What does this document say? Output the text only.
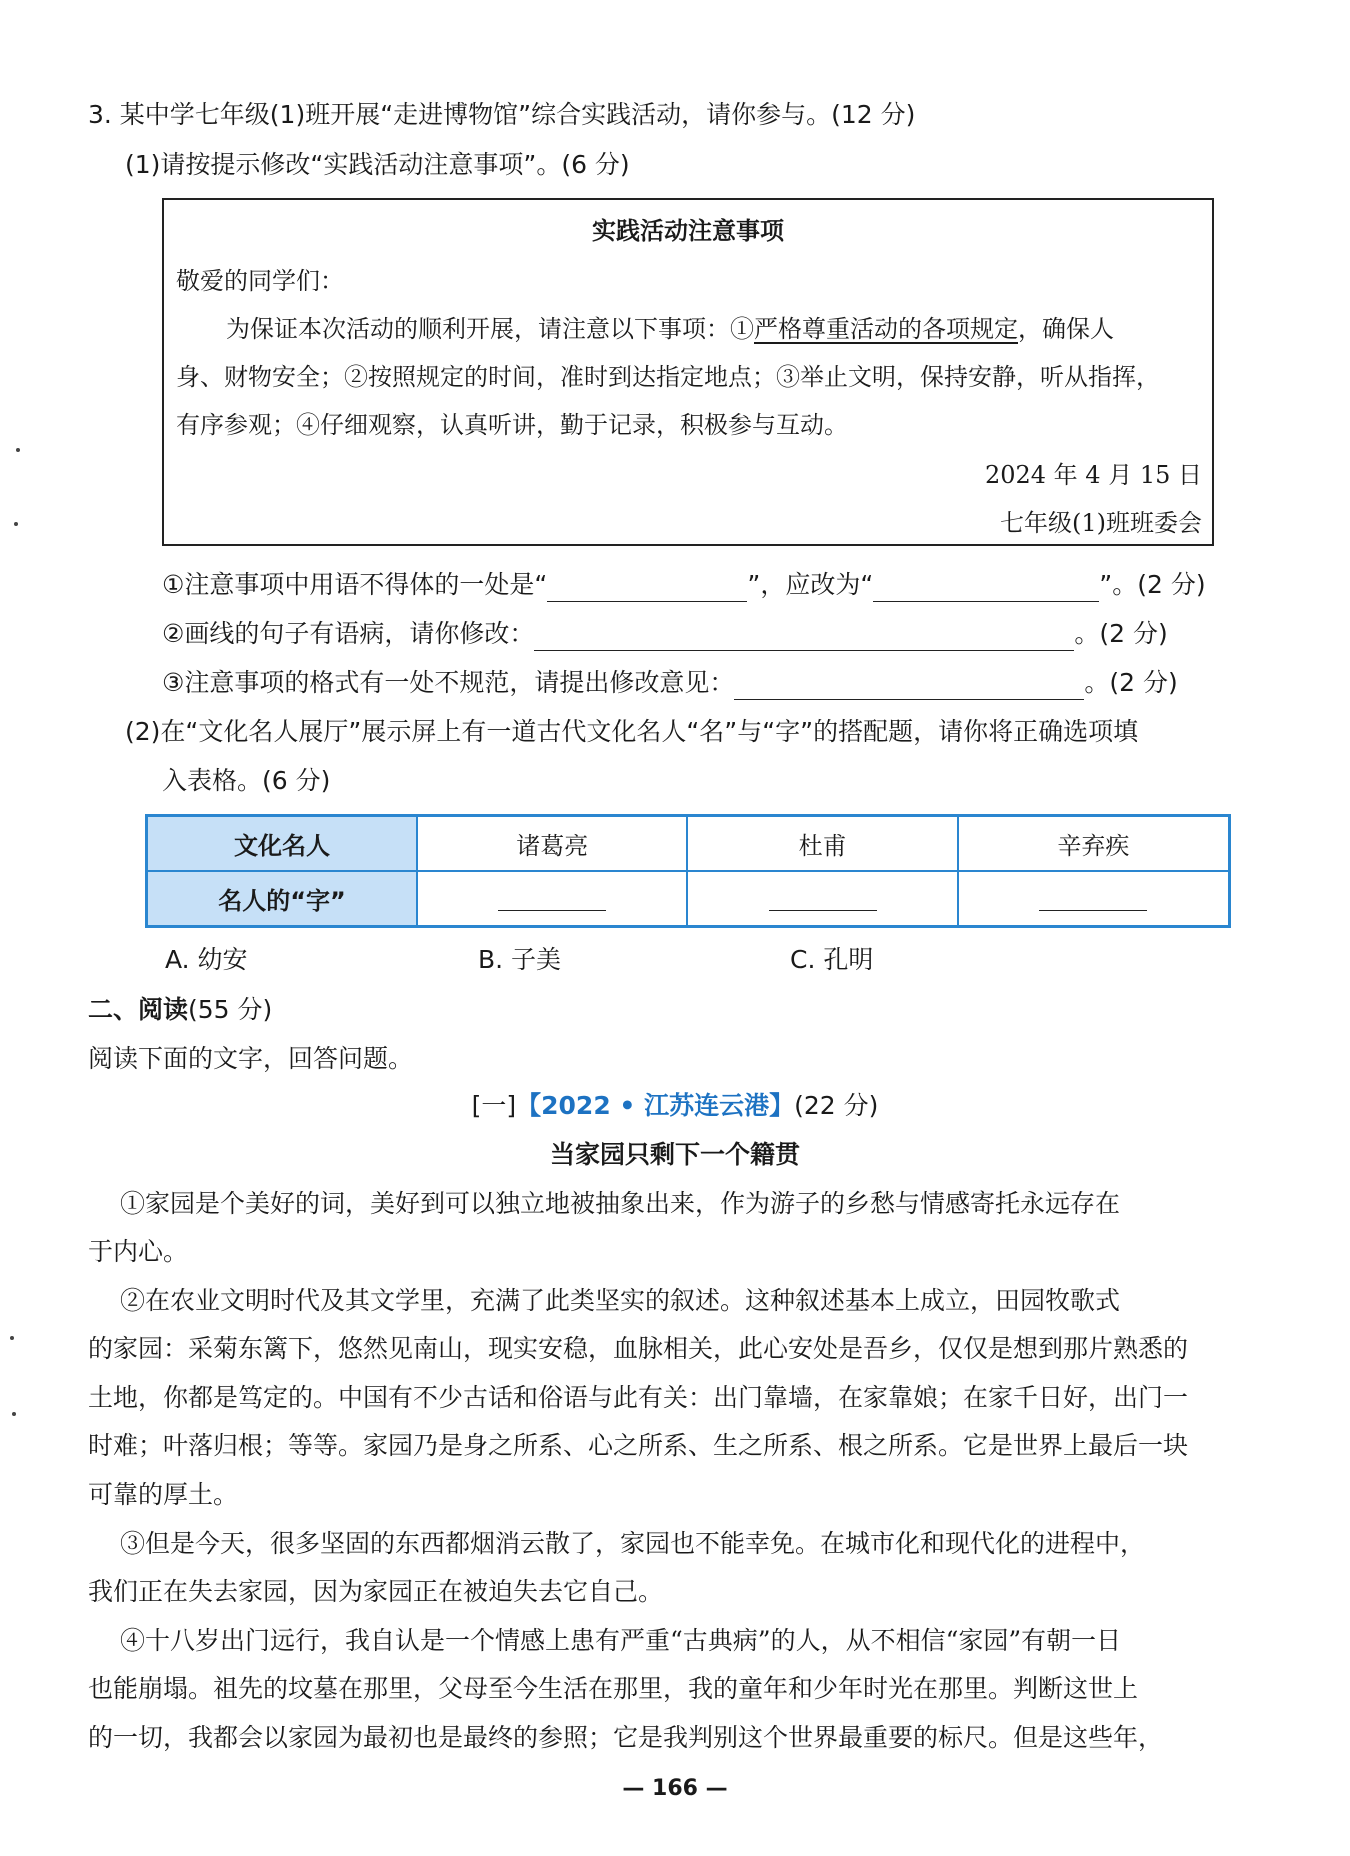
3. 某中学七年级(1)班开展“走进博物馆”综合实践活动，请你参与。(12 分)
(1)请按提示修改“实践活动注意事项”。(6 分)
实践活动注意事项
敬爱的同学们：
为保证本次活动的顺利开展，请注意以下事项：①严格尊重活动的各项规定，确保人
身、财物安全；②按照规定的时间，准时到达指定地点；③举止文明，保持安静，听从指挥，
有序参观；④仔细观察，认真听讲，勤于记录，积极参与互动。
2024 年 4 月 15 日
七年级(1)班班委会
①注意事项中用语不得体的一处是“	”，应改为“	”。(2 分)
②画线的句子有语病，请你修改：	。(2 分)
③注意事项的格式有一处不规范，请提出修改意见：	。(2 分)
(2)在“文化名人展厅”展示屏上有一道古代文化名人“名”与“字”的搭配题，请你将正确选项填
入表格。(6 分)
文化名人	诸葛亮	杜甫	辛弃疾
名人的“字”			
A. 幼安	B. 子美	C. 孔明
二、阅读(55 分)
阅读下面的文字，回答问题。
[一]【2022 • 江苏连云港】(22 分)
当家园只剩下一个籍贯
①家园是个美好的词，美好到可以独立地被抽象出来，作为游子的乡愁与情感寄托永远存在
于内心。
②在农业文明时代及其文学里，充满了此类坚实的叙述。这种叙述基本上成立，田园牧歌式
的家园：采菊东篱下，悠然见南山，现实安稳，血脉相关，此心安处是吾乡，仅仅是想到那片熟悉的
土地，你都是笃定的。中国有不少古话和俗语与此有关：出门靠墙，在家靠娘；在家千日好，出门一
时难；叶落归根；等等。家园乃是身之所系、心之所系、生之所系、根之所系。它是世界上最后一块
可靠的厚土。
③但是今天，很多坚固的东西都烟消云散了，家园也不能幸免。在城市化和现代化的进程中，
我们正在失去家园，因为家园正在被迫失去它自己。
④十八岁出门远行，我自认是一个情感上患有严重“古典病”的人，从不相信“家园”有朝一日
也能崩塌。祖先的坟墓在那里，父母至今生活在那里，我的童年和少年时光在那里。判断这世上
的一切，我都会以家园为最初也是最终的参照；它是我判别这个世界最重要的标尺。但是这些年，
— 166 —
